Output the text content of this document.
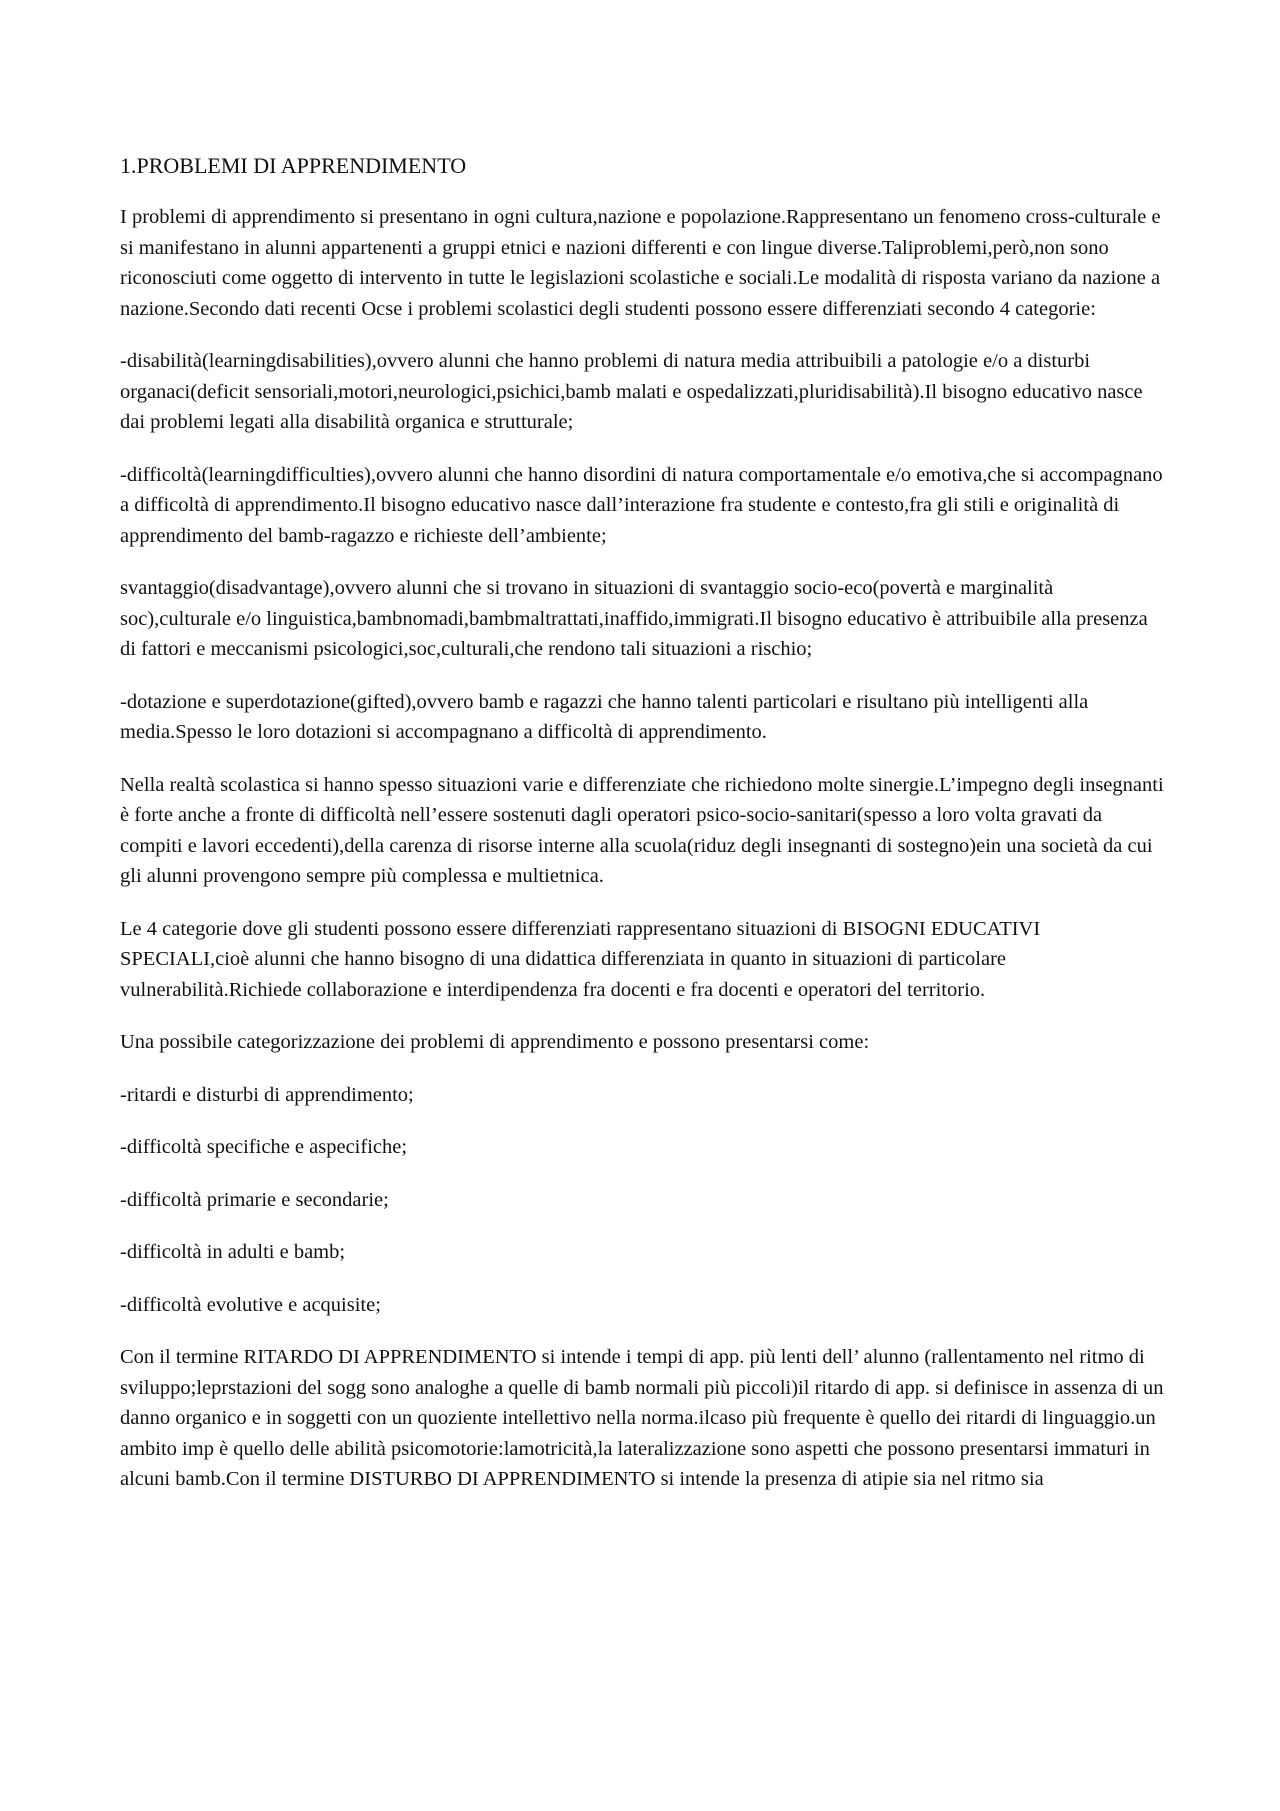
1.PROBLEMI DI APPRENDIMENTO

I problemi di apprendimento si presentano in ogni cultura,nazione e popolazione.Rappresentano un fenomeno cross-culturale e si manifestano in alunni appartenenti a gruppi etnici e nazioni differenti e con lingue diverse.Taliproblemi,però,non sono riconosciuti come oggetto di intervento in tutte le legislazioni scolastiche e sociali.Le modalità di risposta variano da nazione a nazione.Secondo dati recenti Ocse i problemi scolastici degli studenti possono essere differenziati secondo 4 categorie:

-disabilità(learningdisabilities),ovvero alunni che hanno problemi di natura media attribuibili a patologie e/o a disturbi organaci(deficit sensoriali,motori,neurologici,psichici,bamb malati e ospedalizzati,pluridisabilità).Il bisogno educativo nasce dai problemi legati alla disabilità organica e strutturale;

-difficoltà(learningdifficulties),ovvero alunni che hanno disordini di natura comportamentale e/o emotiva,che si accompagnano a difficoltà di apprendimento.Il bisogno educativo nasce dall’interazione fra studente e contesto,fra gli stili e originalità di apprendimento del bamb-ragazzo e richieste dell’ambiente;

svantaggio(disadvantage),ovvero alunni che si trovano in situazioni di svantaggio socio-eco(povertà e marginalità soc),culturale e/o linguistica,bambnomadi,bambmaltrattati,inaffido,immigrati.Il bisogno educativo è attribuibile alla presenza di fattori e meccanismi psicologici,soc,culturali,che rendono tali situazioni a rischio;

-dotazione e superdotazione(gifted),ovvero bamb e ragazzi che hanno talenti particolari e risultano più intelligenti alla media.Spesso le loro dotazioni si accompagnano a difficoltà di apprendimento.

Nella realtà scolastica si hanno spesso situazioni varie e differenziate che richiedono molte sinergie.L’impegno degli insegnanti è forte anche a fronte di difficoltà nell’essere sostenuti dagli operatori psico-socio-sanitari(spesso a loro volta gravati da compiti e lavori eccedenti),della carenza di risorse interne alla scuola(riduz degli insegnanti di sostegno)ein una società da cui gli alunni provengono sempre più complessa e multietnica.

Le 4 categorie dove gli studenti possono essere differenziati rappresentano situazioni di BISOGNI EDUCATIVI SPECIALI,cioè alunni che hanno bisogno di una didattica differenziata in quanto in situazioni di particolare vulnerabilità.Richiede collaborazione e interdipendenza fra docenti e fra docenti e operatori del territorio.

Una possibile categorizzazione dei problemi di apprendimento e possono presentarsi come:

-ritardi e disturbi di apprendimento;

-difficoltà specifiche e aspecifiche;

-difficoltà primarie e secondarie;

-difficoltà in adulti e bamb;

-difficoltà evolutive e acquisite;

Con il termine RITARDO DI APPRENDIMENTO si intende i tempi di app. più lenti dell’ alunno (rallentamento nel ritmo di sviluppo;leprstazioni del sogg sono analoghe a quelle di bamb normali più piccoli)il ritardo di app. si definisce in assenza di un danno organico e in soggetti con un quoziente intellettivo nella norma.ilcaso più frequente è quello dei ritardi di linguaggio.un ambito imp è quello delle abilità psicomotorie:lamotricità,la lateralizzazione sono aspetti che possono presentarsi immaturi in alcuni bamb.Con il termine DISTURBO DI APPRENDIMENTO si intende la presenza di atipie sia nel ritmo sia
